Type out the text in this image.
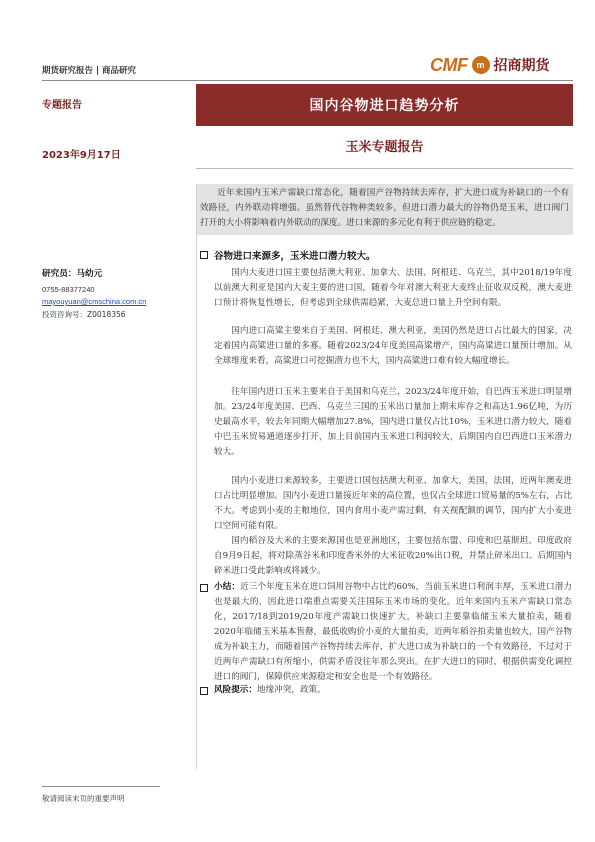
期货研究报告 | 商品研究	CMF m 招商期货
专题报告	国内谷物进口趋势分析
2023年9月17日
玉米专题报告
近年来国内玉米产需缺口常态化，随着国产谷物持续去库存，扩大进口成为补缺口的一个有效路径，内外联动将增强。虽然替代谷物种类较多，但进口潜力最大的谷物仍是玉米，进口阀门打开的大小将影响着内外联动的深度。进口来源的多元化有利于供应链的稳定。
谷物进口来源多，玉米进口潜力较大。
研究员：马幼元
0755-88377240
mayouyuan@cmschina.com.cn
投资咨询号：Z0018356
国内大麦进口国主要包括澳大利亚、加拿大、法国、阿根廷、乌克兰，其中2018/19年度以前澳大利亚是国内大麦主要的进口国，随着今年对澳大利亚大麦终止征收双反税，澳大麦进口预计将恢复性增长，但考虑到全球供需趋紧，大麦总进口量上升空间有限。
国内进口高粱主要来自于美国、阿根廷、澳大利亚，美国仍然是进口占比最大的国家，决定着国内高粱进口量的多寡。随着2023/24年度美国高粱增产，国内高粱进口量预计增加。从全球维度来看，高粱进口可挖掘潜力也不大，国内高粱进口难有较大幅度增长。
往年国内进口玉米主要来自于美国和乌克兰，2023/24年度开始，自巴西玉米进口明显增加。23/24年度美国、巴西、乌克兰三国的玉米出口量加上期末库存之和高达1.96亿吨，为历史最高水平，较去年同期大幅增加27.8%，国内进口量仅占比10%，玉米进口潜力较大，随着中巴玉米贸易通道逐步打开，加上目前国内玉米进口利润较大，后期国内自巴西进口玉米潜力较大。
国内小麦进口来源较多，主要进口国包括澳大利亚、加拿大，美国，法国，近两年澳麦进口占比明显增加。国内小麦进口量接近年来的高位置，也仅占全球进口贸易量的5%左右，占比不大。考虑到小麦的主粮地位，国内食用小麦产需过剩，有关视配额的调节，国内扩大小麦进口空间可能有限。
国内稻谷及大米的主要来源国也是亚洲地区，主要包括东盟、印度和巴基斯坦。印度政府自9月9日起，将对除蒸谷米和印度香米外的大米征收20%出口税，并禁止碎米出口。后期国内碎米进口受此影响或将减少。
小结：近三个年度玉米在进口饲用谷物中占比约60%，当前玉米进口利润丰厚，玉米进口潜力也是最大的，因此进口端重点需要关注国际玉米市场的变化。近年来国内玉米产需缺口常态化，2017/18到2019/20年度产需缺口快速扩大，补缺口主要靠临储玉米大量拍卖，随着2020年临储玉米基本售罄，最低收购价小麦的大量拍卖，近两年稻谷拍卖量也较大，国产谷物成为补缺主力，而随着国产谷物持续去库存，扩大进口成为补缺口的一个有效路径，不过对于近两年产需缺口有所缩小，供需矛盾没往年那么突出。在扩大进口的同时，根据供需变化调控进口的阀门，保障供应来源稳定和安全也是一个有效路径。
风险提示：地缘冲突，政策。
敬请阅读末页的重要声明
